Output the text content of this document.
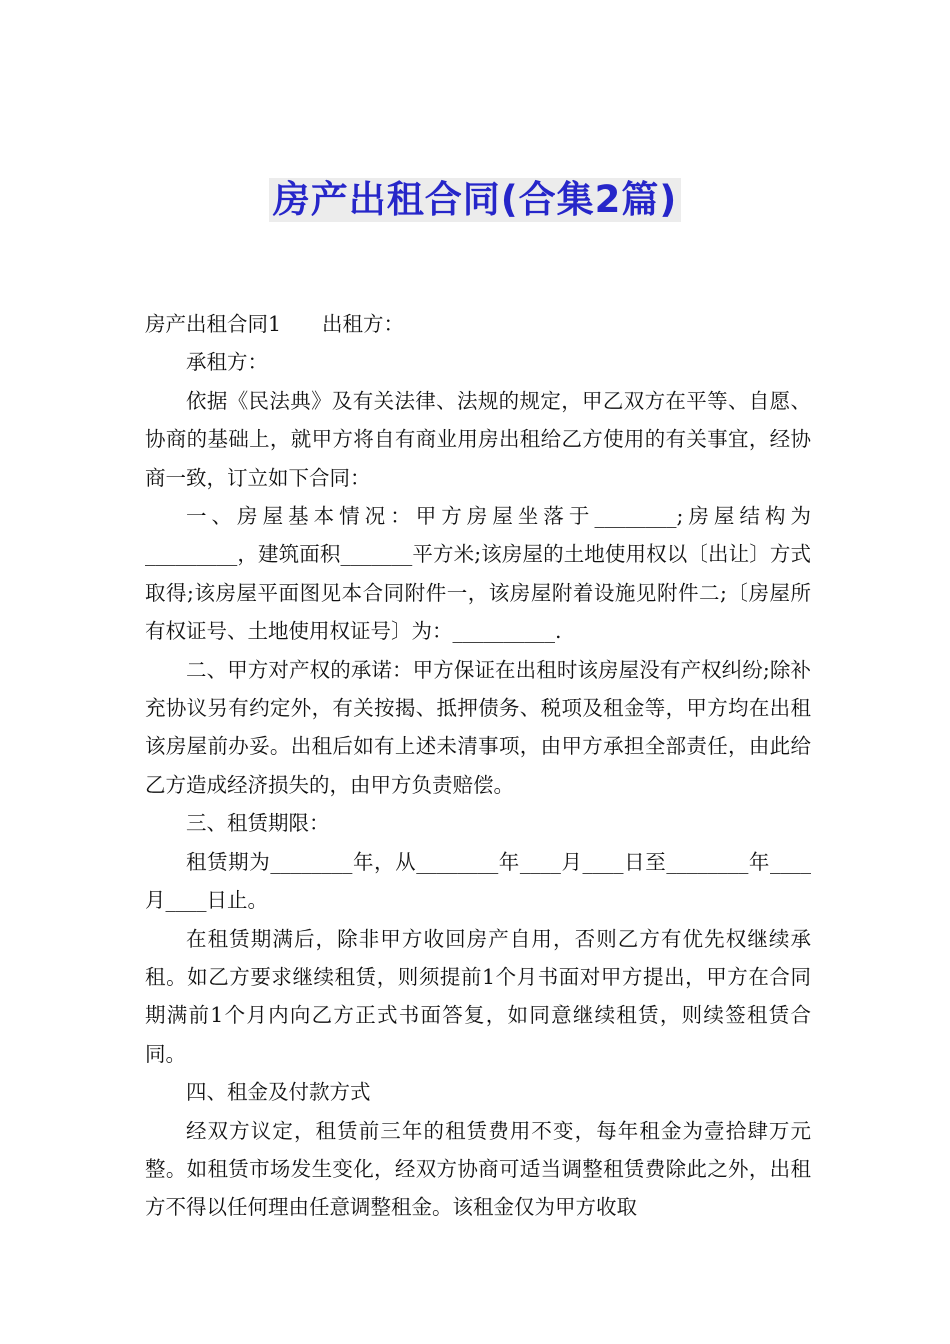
房产出租合同(合集2篇)

房产出租合同1　　出租方：

承租方：

依据《民法典》及有关法律、法规的规定，甲乙双方在平等、自愿、协商的基础上，就甲方将自有商业用房出租给乙方使用的有关事宜，经协商一致，订立如下合同：

一、房屋基本情况：甲方房屋坐落于________;房屋结构为_________，建筑面积_______平方米;该房屋的土地使用权以〔出让〕方式取得;该房屋平面图见本合同附件一，该房屋附着设施见附件二;〔房屋所有权证号、土地使用权证号〕为：__________.

二、甲方对产权的承诺：甲方保证在出租时该房屋没有产权纠纷;除补充协议另有约定外，有关按揭、抵押债务、税项及租金等，甲方均在出租该房屋前办妥。出租后如有上述未清事项，由甲方承担全部责任，由此给乙方造成经济损失的，由甲方负责赔偿。

三、租赁期限：

租赁期为________年，从________年____月____日至________年____月____日止。

在租赁期满后，除非甲方收回房产自用，否则乙方有优先权继续承租。如乙方要求继续租赁，则须提前1个月书面对甲方提出，甲方在合同期满前1个月内向乙方正式书面答复，如同意继续租赁，则续签租赁合同。

四、租金及付款方式

经双方议定，租赁前三年的租赁费用不变，每年租金为壹拾肆万元整。如租赁市场发生变化，经双方协商可适当调整租赁费除此之外，出租方不得以任何理由任意调整租金。该租金仅为甲方收取
